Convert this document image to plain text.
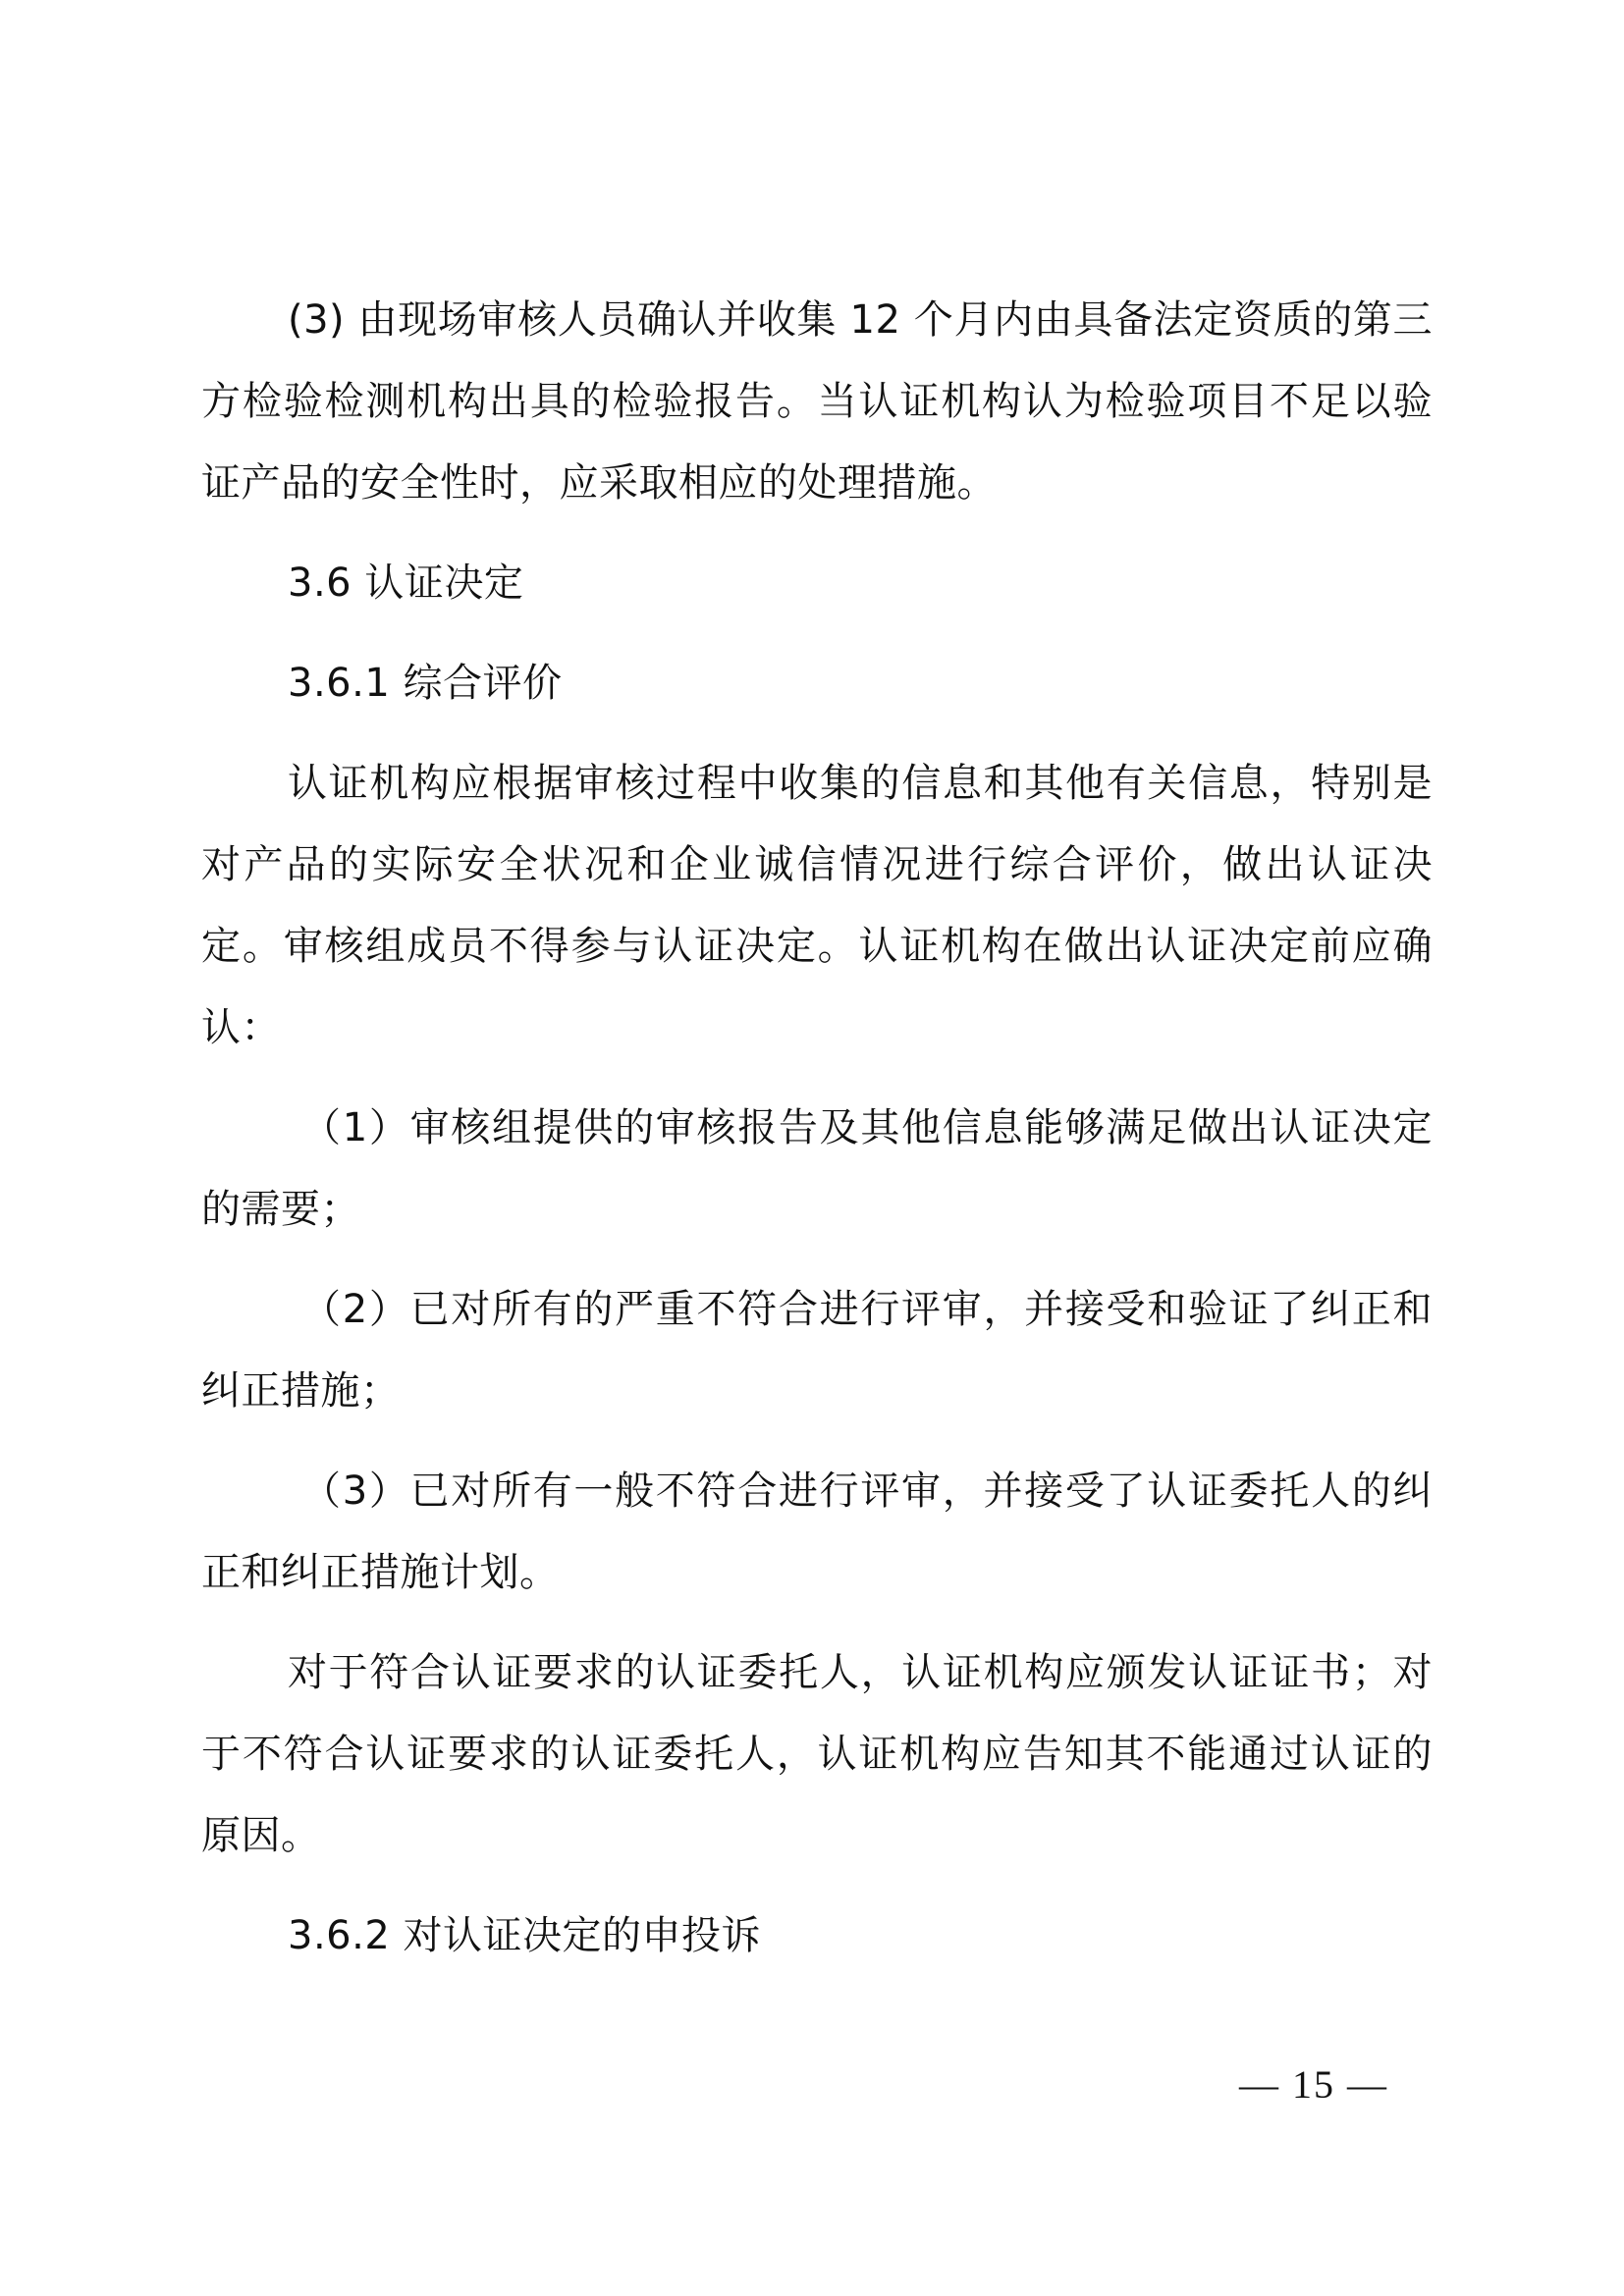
(3) 由现场审核人员确认并收集 12 个月内由具备法定资质的第三方检验检测机构出具的检验报告。当认证机构认为检验项目不足以验证产品的安全性时，应采取相应的处理措施。

3.6 认证决定

3.6.1 综合评价

认证机构应根据审核过程中收集的信息和其他有关信息，特别是对产品的实际安全状况和企业诚信情况进行综合评价，做出认证决定。审核组成员不得参与认证决定。认证机构在做出认证决定前应确认：

（1）审核组提供的审核报告及其他信息能够满足做出认证决定的需要；

（2）已对所有的严重不符合进行评审，并接受和验证了纠正和纠正措施；

（3）已对所有一般不符合进行评审，并接受了认证委托人的纠正和纠正措施计划。

对于符合认证要求的认证委托人，认证机构应颁发认证证书；对于不符合认证要求的认证委托人，认证机构应告知其不能通过认证的原因。

3.6.2 对认证决定的申投诉

— 15 —
